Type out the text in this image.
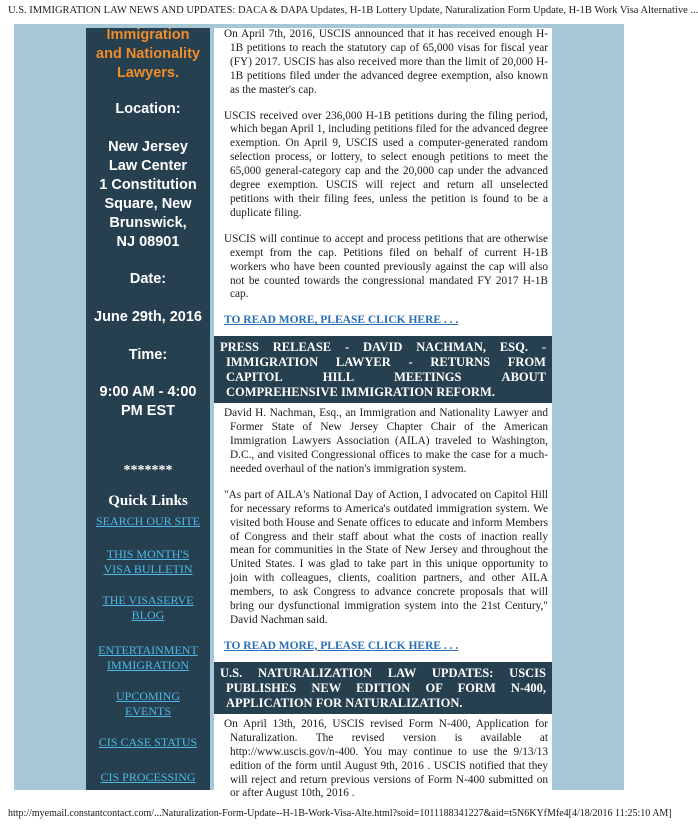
U.S. IMMIGRATION LAW NEWS AND UPDATES: DACA & DAPA Updates, H-1B Lottery Update, Naturalization Form Update, H-1B Work Visa Alternative ...
Immigration
and Nationality
Lawyers.
Location:
New Jersey
Law Center
1 Constitution
Square, New
Brunswick,
NJ 08901
Date:
June 29th, 2016
Time:
9:00 AM - 4:00
PM EST
*******
Quick Links
SEARCH OUR SITE
THIS MONTH'S
VISA BULLETIN
THE VISASERVE
BLOG
ENTERTAINMENT
IMMIGRATION
UPCOMING
EVENTS
CIS CASE STATUS
CIS PROCESSING
On April 7th, 2016, USCIS announced that it has received enough H-1B petitions to reach the statutory cap of 65,000 visas for fiscal year (FY) 2017. USCIS has also received more than the limit of 20,000 H-1B petitions filed under the advanced degree exemption, also known as the master's cap.
USCIS received over 236,000 H-1B petitions during the filing period, which began April 1, including petitions filed for the advanced degree exemption. On April 9, USCIS used a computer-generated random selection process, or lottery, to select enough petitions to meet the 65,000 general-category cap and the 20,000 cap under the advanced degree exemption. USCIS will reject and return all unselected petitions with their filing fees, unless the petition is found to be a duplicate filing.
USCIS will continue to accept and process petitions that are otherwise exempt from the cap. Petitions filed on behalf of current H-1B workers who have been counted previously against the cap will also not be counted towards the congressional mandated FY 2017 H-1B cap.
TO READ MORE, PLEASE CLICK HERE . . .
PRESS RELEASE - DAVID NACHMAN, ESQ. - IMMIGRATION LAWYER - RETURNS FROM CAPITOL HILL MEETINGS ABOUT COMPREHENSIVE IMMIGRATION REFORM.
David H. Nachman, Esq., an Immigration and Nationality Lawyer and Former State of New Jersey Chapter Chair of the American Immigration Lawyers Association (AILA) traveled to Washington, D.C., and visited Congressional offices to make the case for a much-needed overhaul of the nation's immigration system.
"As part of AILA's National Day of Action, I advocated on Capitol Hill for necessary reforms to America's outdated immigration system. We visited both House and Senate offices to educate and inform Members of Congress and their staff about what the costs of inaction really mean for communities in the State of New Jersey and throughout the United States. I was glad to take part in this unique opportunity to join with colleagues, clients, coalition partners, and other AILA members, to ask Congress to advance concrete proposals that will bring our dysfunctional immigration system into the 21st Century," David Nachman said.
TO READ MORE, PLEASE CLICK HERE . . .
U.S. NATURALIZATION LAW UPDATES: USCIS PUBLISHES NEW EDITION OF FORM N-400, APPLICATION FOR NATURALIZATION.
On April 13th, 2016, USCIS revised Form N-400, Application for Naturalization. The revised version is available at http://www.uscis.gov/n-400. You may continue to use the 9/13/13 edition of the form until August 9th, 2016 . USCIS notified that they will reject and return previous versions of Form N-400 submitted on or after August 10th, 2016 .
http://myemail.constantcontact.com/...Naturalization-Form-Update--H-1B-Work-Visa-Alte.html?soid=1011188341227&aid=t5N6KYfMfe4[4/18/2016 11:25:10 AM]
